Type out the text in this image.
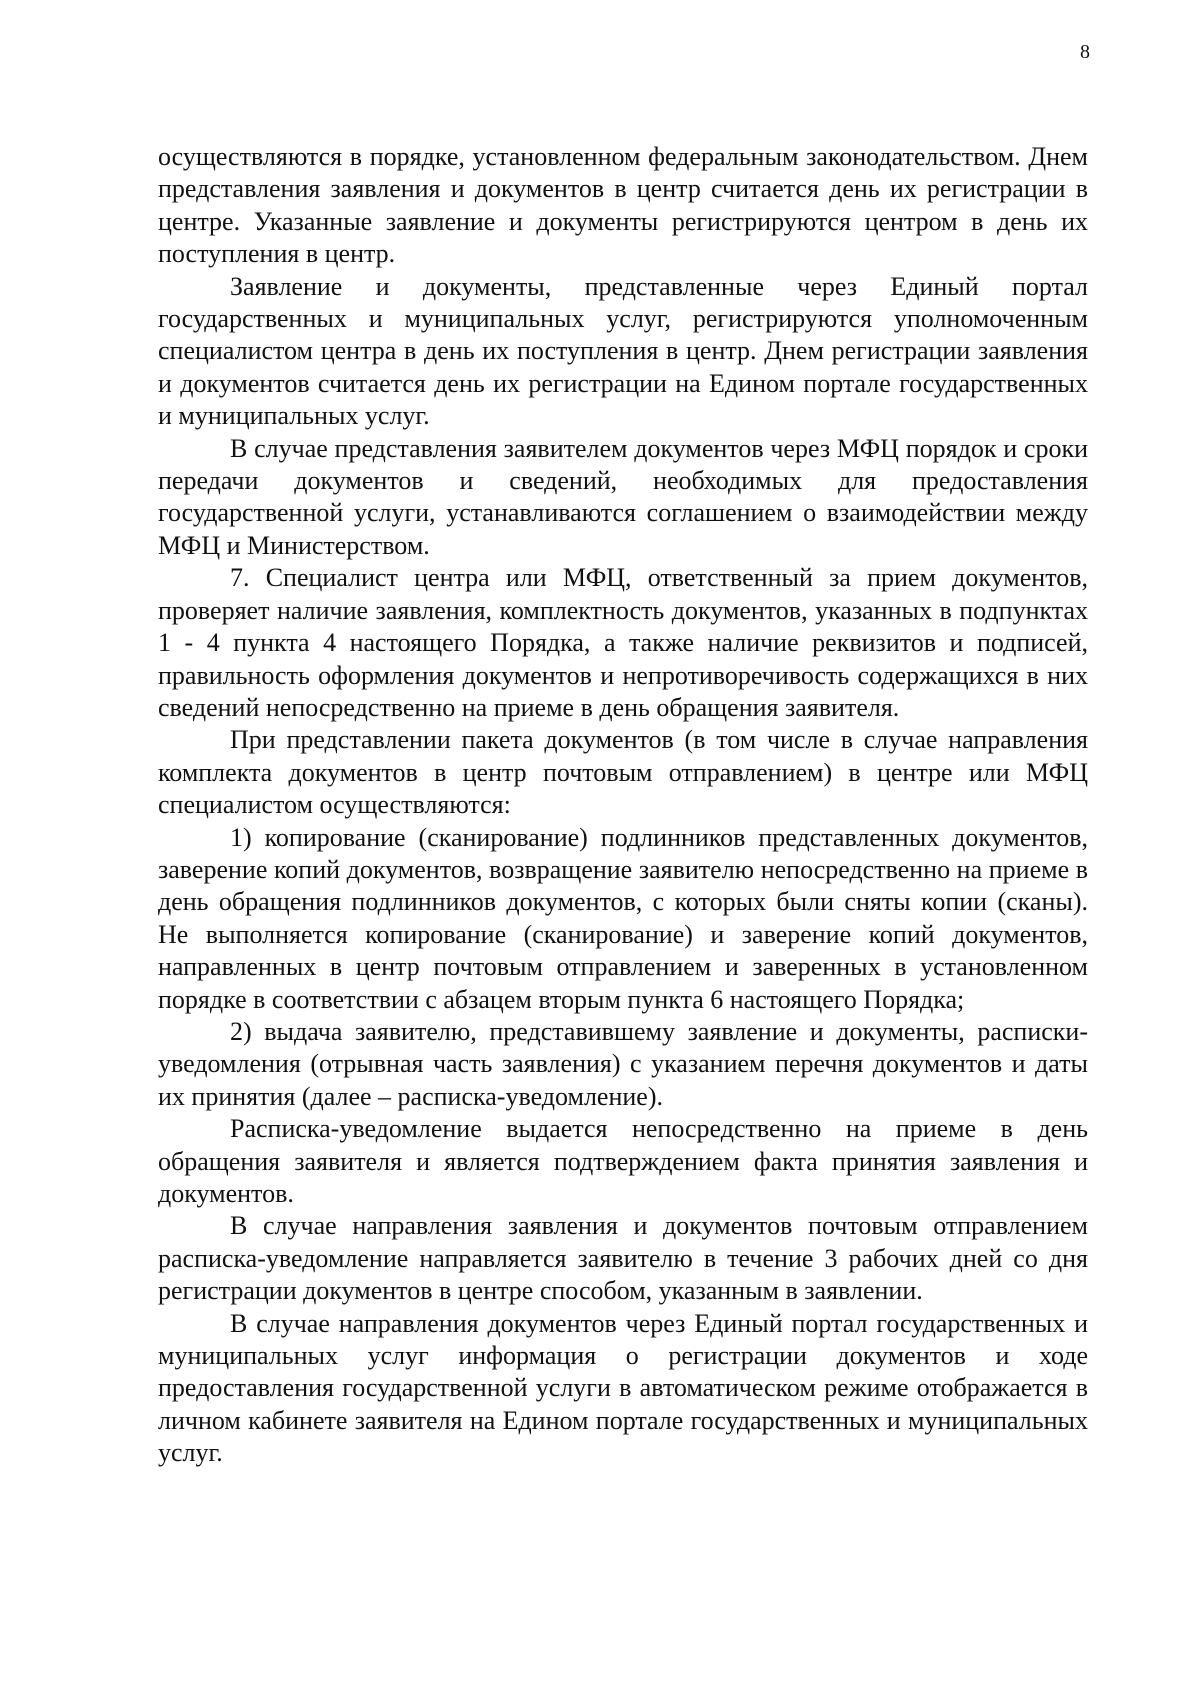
8

осуществляются в порядке, установленном федеральным законодательством. Днем представления заявления и документов в центр считается день их регистрации в центре. Указанные заявление и документы регистрируются центром в день их поступления в центр.

Заявление и документы, представленные через Единый портал государственных и муниципальных услуг, регистрируются уполномоченным специалистом центра в день их поступления в центр. Днем регистрации заявления и документов считается день их регистрации на Едином портале государственных и муниципальных услуг.

В случае представления заявителем документов через МФЦ порядок и сроки передачи документов и сведений, необходимых для предоставления государственной услуги, устанавливаются соглашением о взаимодействии между МФЦ и Министерством.

7. Специалист центра или МФЦ, ответственный за прием документов, проверяет наличие заявления, комплектность документов, указанных в подпунктах 1 - 4 пункта 4 настоящего Порядка, а также наличие реквизитов и подписей, правильность оформления документов и непротиворечивость содержащихся в них сведений непосредственно на приеме в день обращения заявителя.

При представлении пакета документов (в том числе в случае направления комплекта документов в центр почтовым отправлением) в центре или МФЦ специалистом осуществляются:

1) копирование (сканирование) подлинников представленных документов, заверение копий документов, возвращение заявителю непосредственно на приеме в день обращения подлинников документов, с которых были сняты копии (сканы). Не выполняется копирование (сканирование) и заверение копий документов, направленных в центр почтовым отправлением и заверенных в установленном порядке в соответствии с абзацем вторым пункта 6 настоящего Порядка;

2) выдача заявителю, представившему заявление и документы, расписки-уведомления (отрывная часть заявления) с указанием перечня документов и даты их принятия (далее – расписка-уведомление).

Расписка-уведомление выдается непосредственно на приеме в день обращения заявителя и является подтверждением факта принятия заявления и документов.

В случае направления заявления и документов почтовым отправлением расписка-уведомление направляется заявителю в течение 3 рабочих дней со дня регистрации документов в центре способом, указанным в заявлении.

В случае направления документов через Единый портал государственных и муниципальных услуг информация о регистрации документов и ходе предоставления государственной услуги в автоматическом режиме отображается в личном кабинете заявителя на Едином портале государственных и муниципальных услуг.
